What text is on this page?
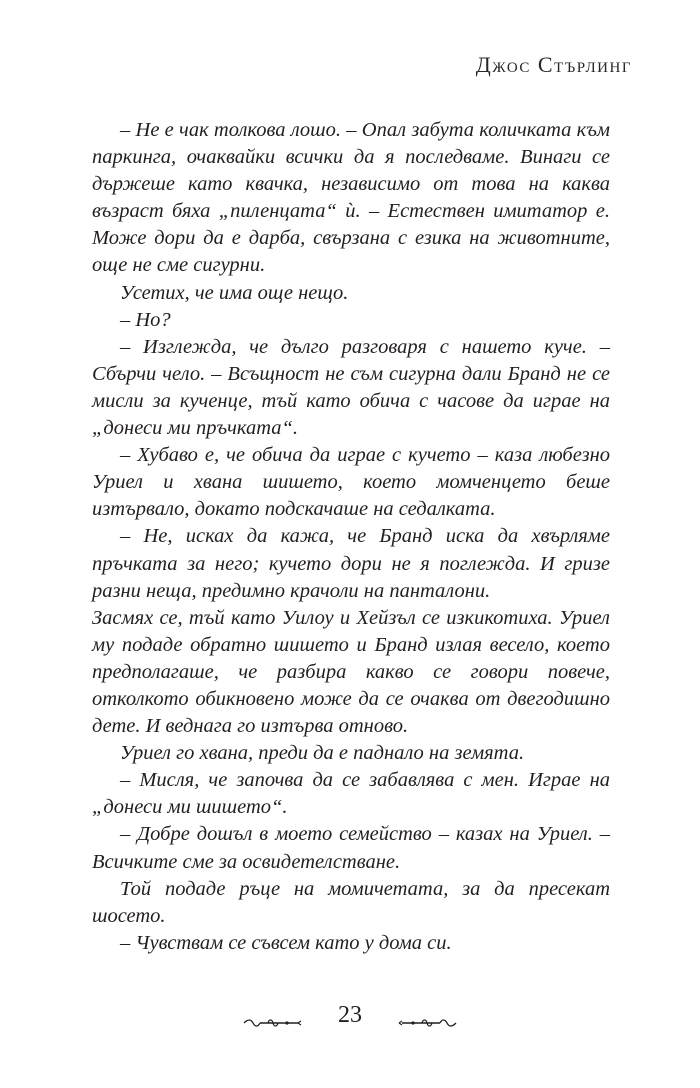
Джос Стърлинг

– Не е чак толкова лошо. – Опал забута количката към паркинга, очаквайки всички да я последваме. Винаги се държеше като квачка, независимо от това на каква възраст бяха „пиленцата“ ѝ. – Естествен имитатор е. Може дори да е дарба, свързана с езика на животните, още не сме сигурни.

Усетих, че има още нещо.

– Но?

– Изглежда, че дълго разговаря с нашето куче. – Сбърчи чело. – Всъщност не съм сигурна дали Бранд не се мисли за кученце, тъй като обича с часове да играе на „донеси ми пръчката“.

– Хубаво е, че обича да играе с кучето – каза любезно Уриел и хвана шишето, което момченцето беше изтървало, докато подскачаше на седалката.

– Не, исках да кажа, че Бранд иска да хвърляме пръчката за него; кучето дори не я поглежда. И гризе разни неща, предимно крачоли на панталони.

Засмях се, тъй като Уилоу и Хейзъл се изкикотиха. Уриел му подаде обратно шишето и Бранд излая весело, което предполагаше, че разбира какво се говори повече, отколкото обикновено може да се очаква от двегодишно дете. И веднага го изтърва отново.

Уриел го хвана, преди да е паднало на земята.

– Мисля, че започва да се забавлява с мен. Играе на „донеси ми шишето“.

– Добре дошъл в моето семейство – казах на Уриел. – Всичките сме за освидетелстване.

Той подаде ръце на момичетата, за да пресекат шосето.

– Чувствам се съвсем като у дома си.

23
